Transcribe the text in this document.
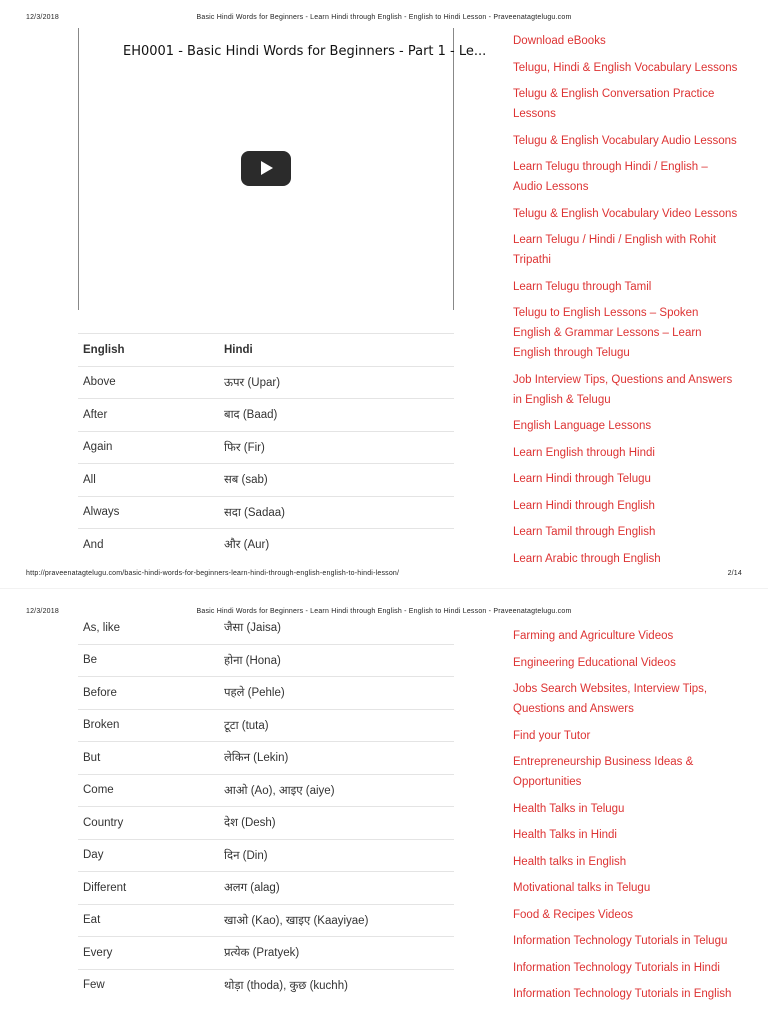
12/3/2018	Basic Hindi Words for Beginners - Learn Hindi through English - English to Hindi Lesson - Praveenatagtelugu.com
EH0001 - Basic Hindi Words for Beginners - Part 1 - Le...
English	Hindi
Above	ऊपर (Upar)
After	बाद (Baad)
Again	फिर (Fir)
All	सब (sab)
Always	सदा (Sadaa)
And	और (Aur)
Download eBooks
Telugu, Hindi & English Vocabulary Lessons
Telugu & English Conversation Practice Lessons
Telugu & English Vocabulary Audio Lessons
Learn Telugu through Hindi / English – Audio Lessons
Telugu & English Vocabulary Video Lessons
Learn Telugu / Hindi / English with Rohit Tripathi
Learn Telugu through Tamil
Telugu to English Lessons – Spoken English & Grammar Lessons – Learn English through Telugu
Job Interview Tips, Questions and Answers in English & Telugu
English Language Lessons
Learn English through Hindi
Learn Hindi through Telugu
Learn Hindi through English
Learn Tamil through English
Learn Arabic through English
http://praveenatagtelugu.com/basic-hindi-words-for-beginners-learn-hindi-through-english-english-to-hindi-lesson/	2/14
12/3/2018	Basic Hindi Words for Beginners - Learn Hindi through English - English to Hindi Lesson - Praveenatagtelugu.com
As, like	जैसा (Jaisa)
Be	होना (Hona)
Before	पहले (Pehle)
Broken	टूटा (tuta)
But	लेकिन (Lekin)
Come	आओ (Ao), आइए (aiye)
Country	देश (Desh)
Day	दिन (Din)
Different	अलग (alag)
Eat	खाओ (Kao), खाइए (Kaayiyae)
Every	प्रत्येक (Pratyek)
Few	थोड़ा (thoda), कुछ (kuchh)
Farming and Agriculture Videos
Engineering Educational Videos
Jobs Search Websites, Interview Tips, Questions and Answers
Find your Tutor
Entrepreneurship Business Ideas & Opportunities
Health Talks in Telugu
Health Talks in Hindi
Health talks in English
Motivational talks in Telugu
Food & Recipes Videos
Information Technology Tutorials in Telugu
Information Technology Tutorials in Hindi
Information Technology Tutorials in English
